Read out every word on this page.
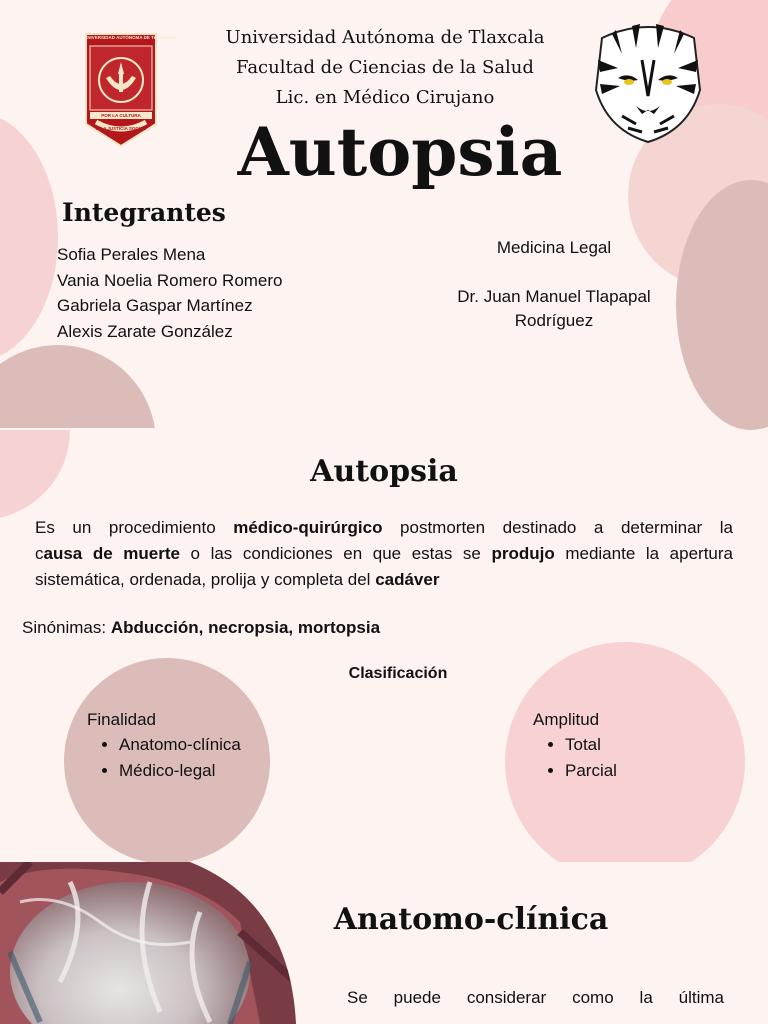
UNIVERSIDAD AUTÓNOMA DE TLAXCALA
POR LA CULTURA
A LA JUSTICIA SOCIAL
Universidad Autónoma de Tlaxcala
Facultad de Ciencias de la Salud
Lic. en Médico Cirujano
Autopsia
Integrantes
Sofia Perales Mena
Vania Noelia Romero Romero
Gabriela Gaspar Martínez
Alexis Zarate González
Medicina Legal
Dr. Juan Manuel Tlapapal
Rodríguez
Autopsia
Es un procedimiento médico-quirúrgico postmorten destinado a determinar la
causa de muerte o las condiciones en que estas se produjo mediante la apertura
sistemática, ordenada, prolija y completa del cadáver
Sinónimas: Abducción, necropsia, mortopsia
Clasificación
Finalidad
• Anatomo-clínica
• Médico-legal
Amplitud
• Total
• Parcial
Anatomo-clínica
Se puede considerar como la última
